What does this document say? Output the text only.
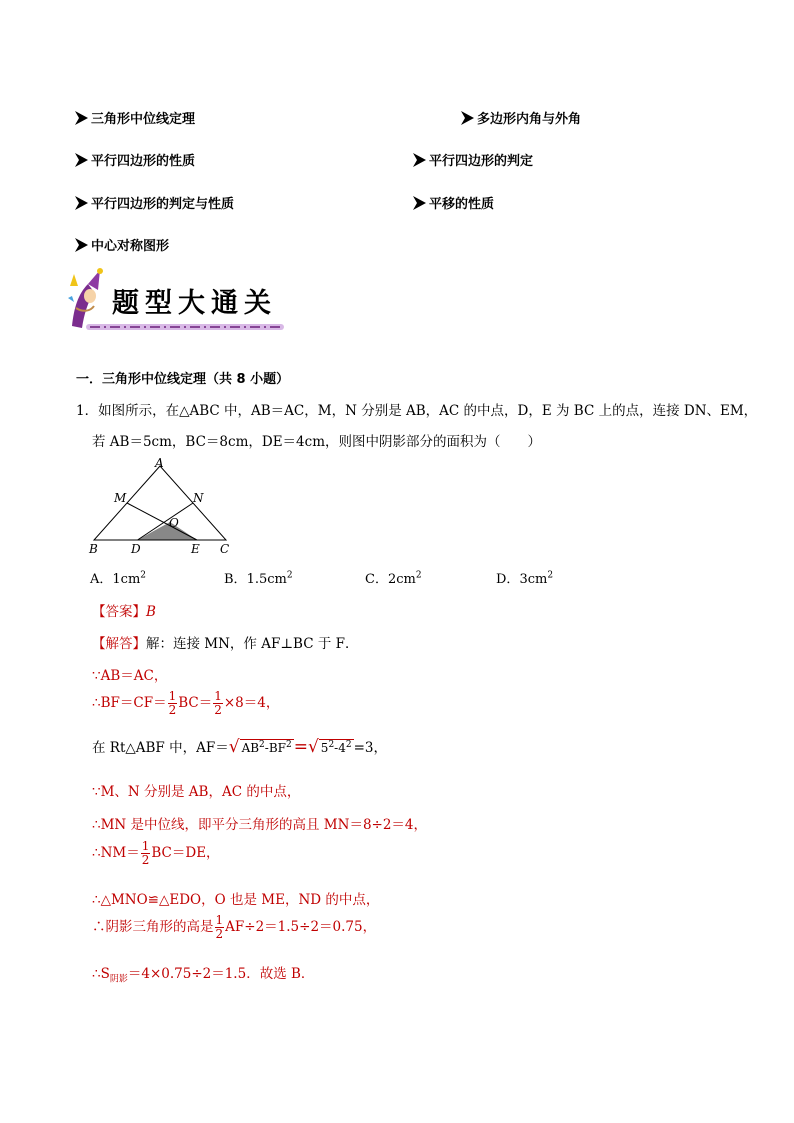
三角形中位线定理	多边形内角与外角
平行四边形的性质	平行四边形的判定
平行四边形的判定与性质	平移的性质
中心对称图形
题型大通关
一．三角形中位线定理（共 8 小题）
1．如图所示，在△ABC 中，AB＝AC，M，N 分别是 AB，AC 的中点，D，E 为 BC 上的点，连接 DN、EM，
若 AB＝5cm，BC＝8cm，DE＝4cm，则图中阴影部分的面积为（　　）
A
M	N
O
B	D	E C
A．$1cm^2$	B．$1.5cm^2$	C．$2cm^2$	D．$3cm^2$
【答案】B
【解答】解：连接 MN，作 AF⊥BC 于 F．
∵AB＝AC，
∴BF＝CF＝ $\frac{1}{2} BC= \frac{1}{2} \times 8=4$，
在 Rt△ABF 中，AF＝√ $AB^2-BF^2$ =√ $5^2-4^2 =3$，
∵M、N 分别是 AB，AC 的中点，
∴MN 是中位线，即平分三角形的高且 MN＝8÷2＝4，
∴NM＝ $\frac{1}{2} BC=DE$，
∴△MNO≌△EDO，O 也是 ME，ND 的中点，
∴阴影三角形的高是 $\frac{1}{2} AF\div 2=1.5\div 2=0.75$，
$\therefore S_{阴影}=4\times 0.75\div 2=1.5$．故选 B．
